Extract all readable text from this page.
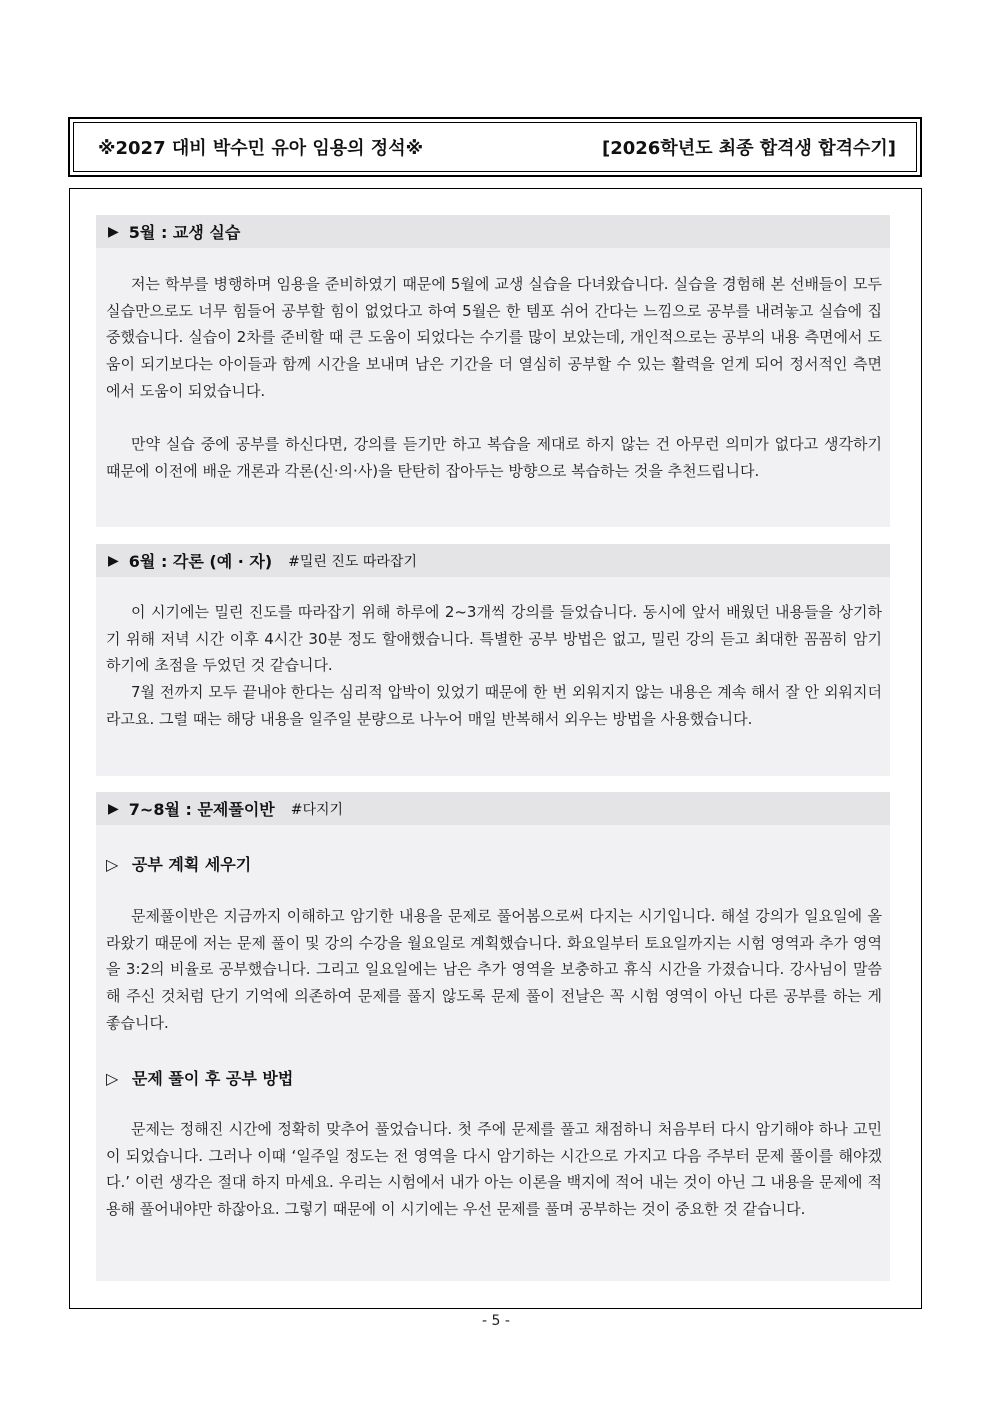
※2027 대비 박수민 유아 임용의 정석※	[2026학년도 최종 합격생 합격수기]
▶ 5월 : 교생 실습

저는 학부를 병행하며 임용을 준비하였기 때문에 5월에 교생 실습을 다녀왔습니다. 실습을 경험해 본 선배들이 모두 실습만으로도 너무 힘들어 공부할 힘이 없었다고 하여 5월은 한 템포 쉬어 간다는 느낌으로 공부를 내려놓고 실습에 집중했습니다. 실습이 2차를 준비할 때 큰 도움이 되었다는 수기를 많이 보았는데, 개인적으로는 공부의 내용 측면에서 도움이 되기보다는 아이들과 함께 시간을 보내며 남은 기간을 더 열심히 공부할 수 있는 활력을 얻게 되어 정서적인 측면에서 도움이 되었습니다.

만약 실습 중에 공부를 하신다면, 강의를 듣기만 하고 복습을 제대로 하지 않는 건 아무런 의미가 없다고 생각하기 때문에 이전에 배운 개론과 각론(신·의·사)을 탄탄히 잡아두는 방향으로 복습하는 것을 추천드립니다.

▶ 6월 : 각론 (예 · 자) #밀린 진도 따라잡기

이 시기에는 밀린 진도를 따라잡기 위해 하루에 2~3개씩 강의를 들었습니다. 동시에 앞서 배웠던 내용들을 상기하기 위해 저녁 시간 이후 4시간 30분 정도 할애했습니다. 특별한 공부 방법은 없고, 밀린 강의 듣고 최대한 꼼꼼히 암기하기에 초점을 두었던 것 같습니다.

7월 전까지 모두 끝내야 한다는 심리적 압박이 있었기 때문에 한 번 외워지지 않는 내용은 계속 해서 잘 안 외워지더라고요. 그럴 때는 해당 내용을 일주일 분량으로 나누어 매일 반복해서 외우는 방법을 사용했습니다.

▶ 7~8월 : 문제풀이반 #다지기
▷ 공부 계획 세우기

문제풀이반은 지금까지 이해하고 암기한 내용을 문제로 풀어봄으로써 다지는 시기입니다. 해설 강의가 일요일에 올라왔기 때문에 저는 문제 풀이 및 강의 수강을 월요일로 계획했습니다. 화요일부터 토요일까지는 시험 영역과 추가 영역을 3:2의 비율로 공부했습니다. 그리고 일요일에는 남은 추가 영역을 보충하고 휴식 시간을 가졌습니다. 강사님이 말씀해 주신 것처럼 단기 기억에 의존하여 문제를 풀지 않도록 문제 풀이 전날은 꼭 시험 영역이 아닌 다른 공부를 하는 게 좋습니다.

▷ 문제 풀이 후 공부 방법

문제는 정해진 시간에 정확히 맞추어 풀었습니다. 첫 주에 문제를 풀고 채점하니 처음부터 다시 암기해야 하나 고민이 되었습니다. 그러나 이때 ‘일주일 정도는 전 영역을 다시 암기하는 시간으로 가지고 다음 주부터 문제 풀이를 해야겠다.’ 이런 생각은 절대 하지 마세요. 우리는 시험에서 내가 아는 이론을 백지에 적어 내는 것이 아닌 그 내용을 문제에 적용해 풀어내야만 하잖아요. 그렇기 때문에 이 시기에는 우선 문제를 풀며 공부하는 것이 중요한 것 같습니다.

- 5 -
